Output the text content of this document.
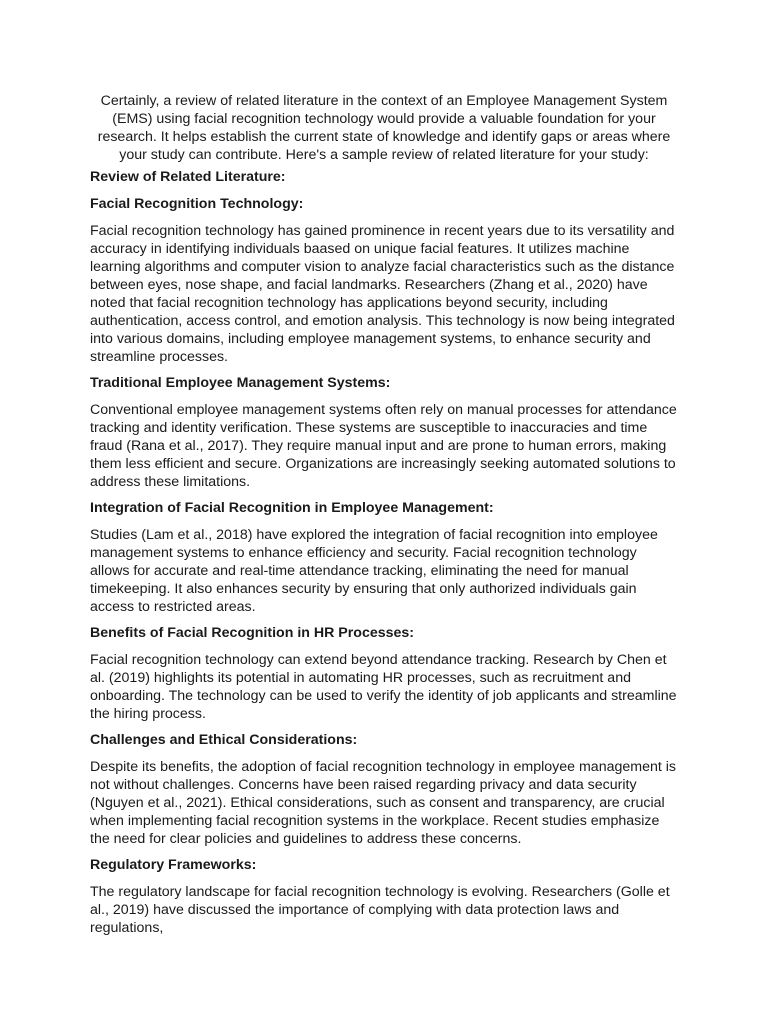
Certainly, a review of related literature in the context of an Employee Management System (EMS) using facial recognition technology would provide a valuable foundation for your research. It helps establish the current state of knowledge and identify gaps or areas where your study can contribute. Here's a sample review of related literature for your study:

Review of Related Literature:

Facial Recognition Technology:

Facial recognition technology has gained prominence in recent years due to its versatility and accuracy in identifying individuals baased on unique facial features. It utilizes machine learning algorithms and computer vision to analyze facial characteristics such as the distance between eyes, nose shape, and facial landmarks. Researchers (Zhang et al., 2020) have noted that facial recognition technology has applications beyond security, including authentication, access control, and emotion analysis. This technology is now being integrated into various domains, including employee management systems, to enhance security and streamline processes.

Traditional Employee Management Systems:

Conventional employee management systems often rely on manual processes for attendance tracking and identity verification. These systems are susceptible to inaccuracies and time fraud (Rana et al., 2017). They require manual input and are prone to human errors, making them less efficient and secure. Organizations are increasingly seeking automated solutions to address these limitations.

Integration of Facial Recognition in Employee Management:

Studies (Lam et al., 2018) have explored the integration of facial recognition into employee management systems to enhance efficiency and security. Facial recognition technology allows for accurate and real-time attendance tracking, eliminating the need for manual timekeeping. It also enhances security by ensuring that only authorized individuals gain access to restricted areas.

Benefits of Facial Recognition in HR Processes:

Facial recognition technology can extend beyond attendance tracking. Research by Chen et al. (2019) highlights its potential in automating HR processes, such as recruitment and onboarding. The technology can be used to verify the identity of job applicants and streamline the hiring process.

Challenges and Ethical Considerations:

Despite its benefits, the adoption of facial recognition technology in employee management is not without challenges. Concerns have been raised regarding privacy and data security (Nguyen et al., 2021). Ethical considerations, such as consent and transparency, are crucial when implementing facial recognition systems in the workplace. Recent studies emphasize the need for clear policies and guidelines to address these concerns.

Regulatory Frameworks:

The regulatory landscape for facial recognition technology is evolving. Researchers (Golle et al., 2019) have discussed the importance of complying with data protection laws and regulations,
